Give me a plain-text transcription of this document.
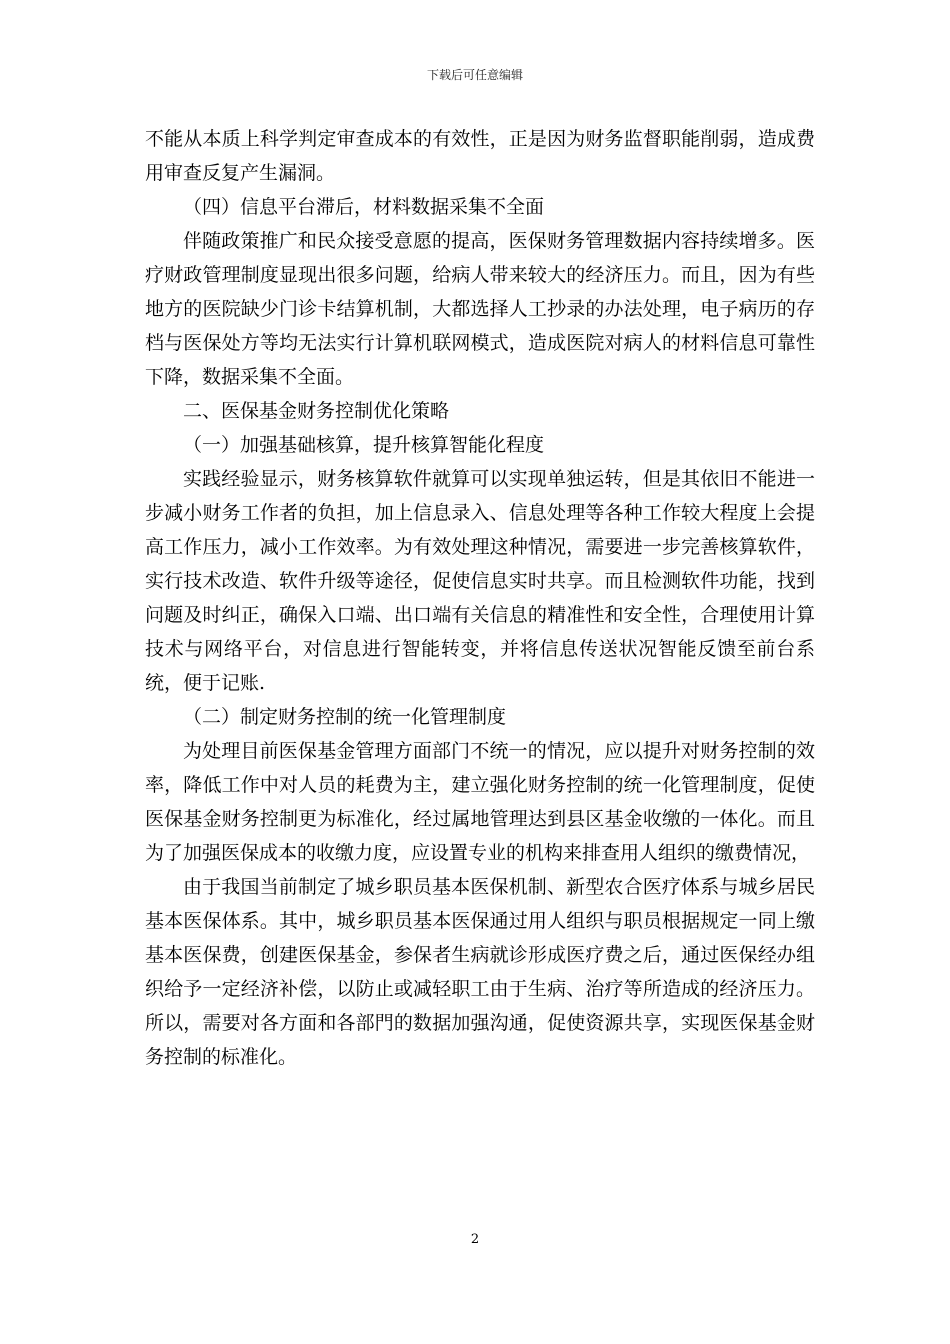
下载后可任意编辑

不能从本质上科学判定审查成本的有效性，正是因为财务监督职能削弱，造成费用审查反复产生漏洞。

（四）信息平台滞后，材料数据采集不全面

伴随政策推广和民众接受意愿的提高，医保财务管理数据内容持续增多。医疗财政管理制度显现出很多问题，给病人带来较大的经济压力。而且，因为有些地方的医院缺少门诊卡结算机制，大都选择人工抄录的办法处理，电子病历的存档与医保处方等均无法实行计算机联网模式，造成医院对病人的材料信息可靠性下降，数据采集不全面。

二、医保基金财务控制优化策略

（一）加强基础核算，提升核算智能化程度

实践经验显示，财务核算软件就算可以实现单独运转，但是其依旧不能进一步减小财务工作者的负担，加上信息录入、信息处理等各种工作较大程度上会提高工作压力，减小工作效率。为有效处理这种情况，需要进一步完善核算软件，实行技术改造、软件升级等途径，促使信息实时共享。而且检测软件功能，找到问题及时纠正，确保入口端、出口端有关信息的精准性和安全性，合理使用计算技术与网络平台，对信息进行智能转变，并将信息传送状况智能反馈至前台系统，便于记账.

（二）制定财务控制的统一化管理制度

为处理目前医保基金管理方面部门不统一的情况，应以提升对财务控制的效率，降低工作中对人员的耗费为主，建立强化财务控制的统一化管理制度，促使医保基金财务控制更为标准化，经过属地管理达到县区基金收缴的一体化。而且为了加强医保成本的收缴力度，应设置专业的机构来排查用人组织的缴费情况，

由于我国当前制定了城乡职员基本医保机制、新型农合医疗体系与城乡居民基本医保体系。其中，城乡职员基本医保通过用人组织与职员根据规定一同上缴基本医保费，创建医保基金，参保者生病就诊形成医疗费之后，通过医保经办组织给予一定经济补偿，以防止或减轻职工由于生病、治疗等所造成的经济压力。所以，需要对各方面和各部門的数据加强沟通，促使资源共享，实现医保基金财务控制的标准化。

2
